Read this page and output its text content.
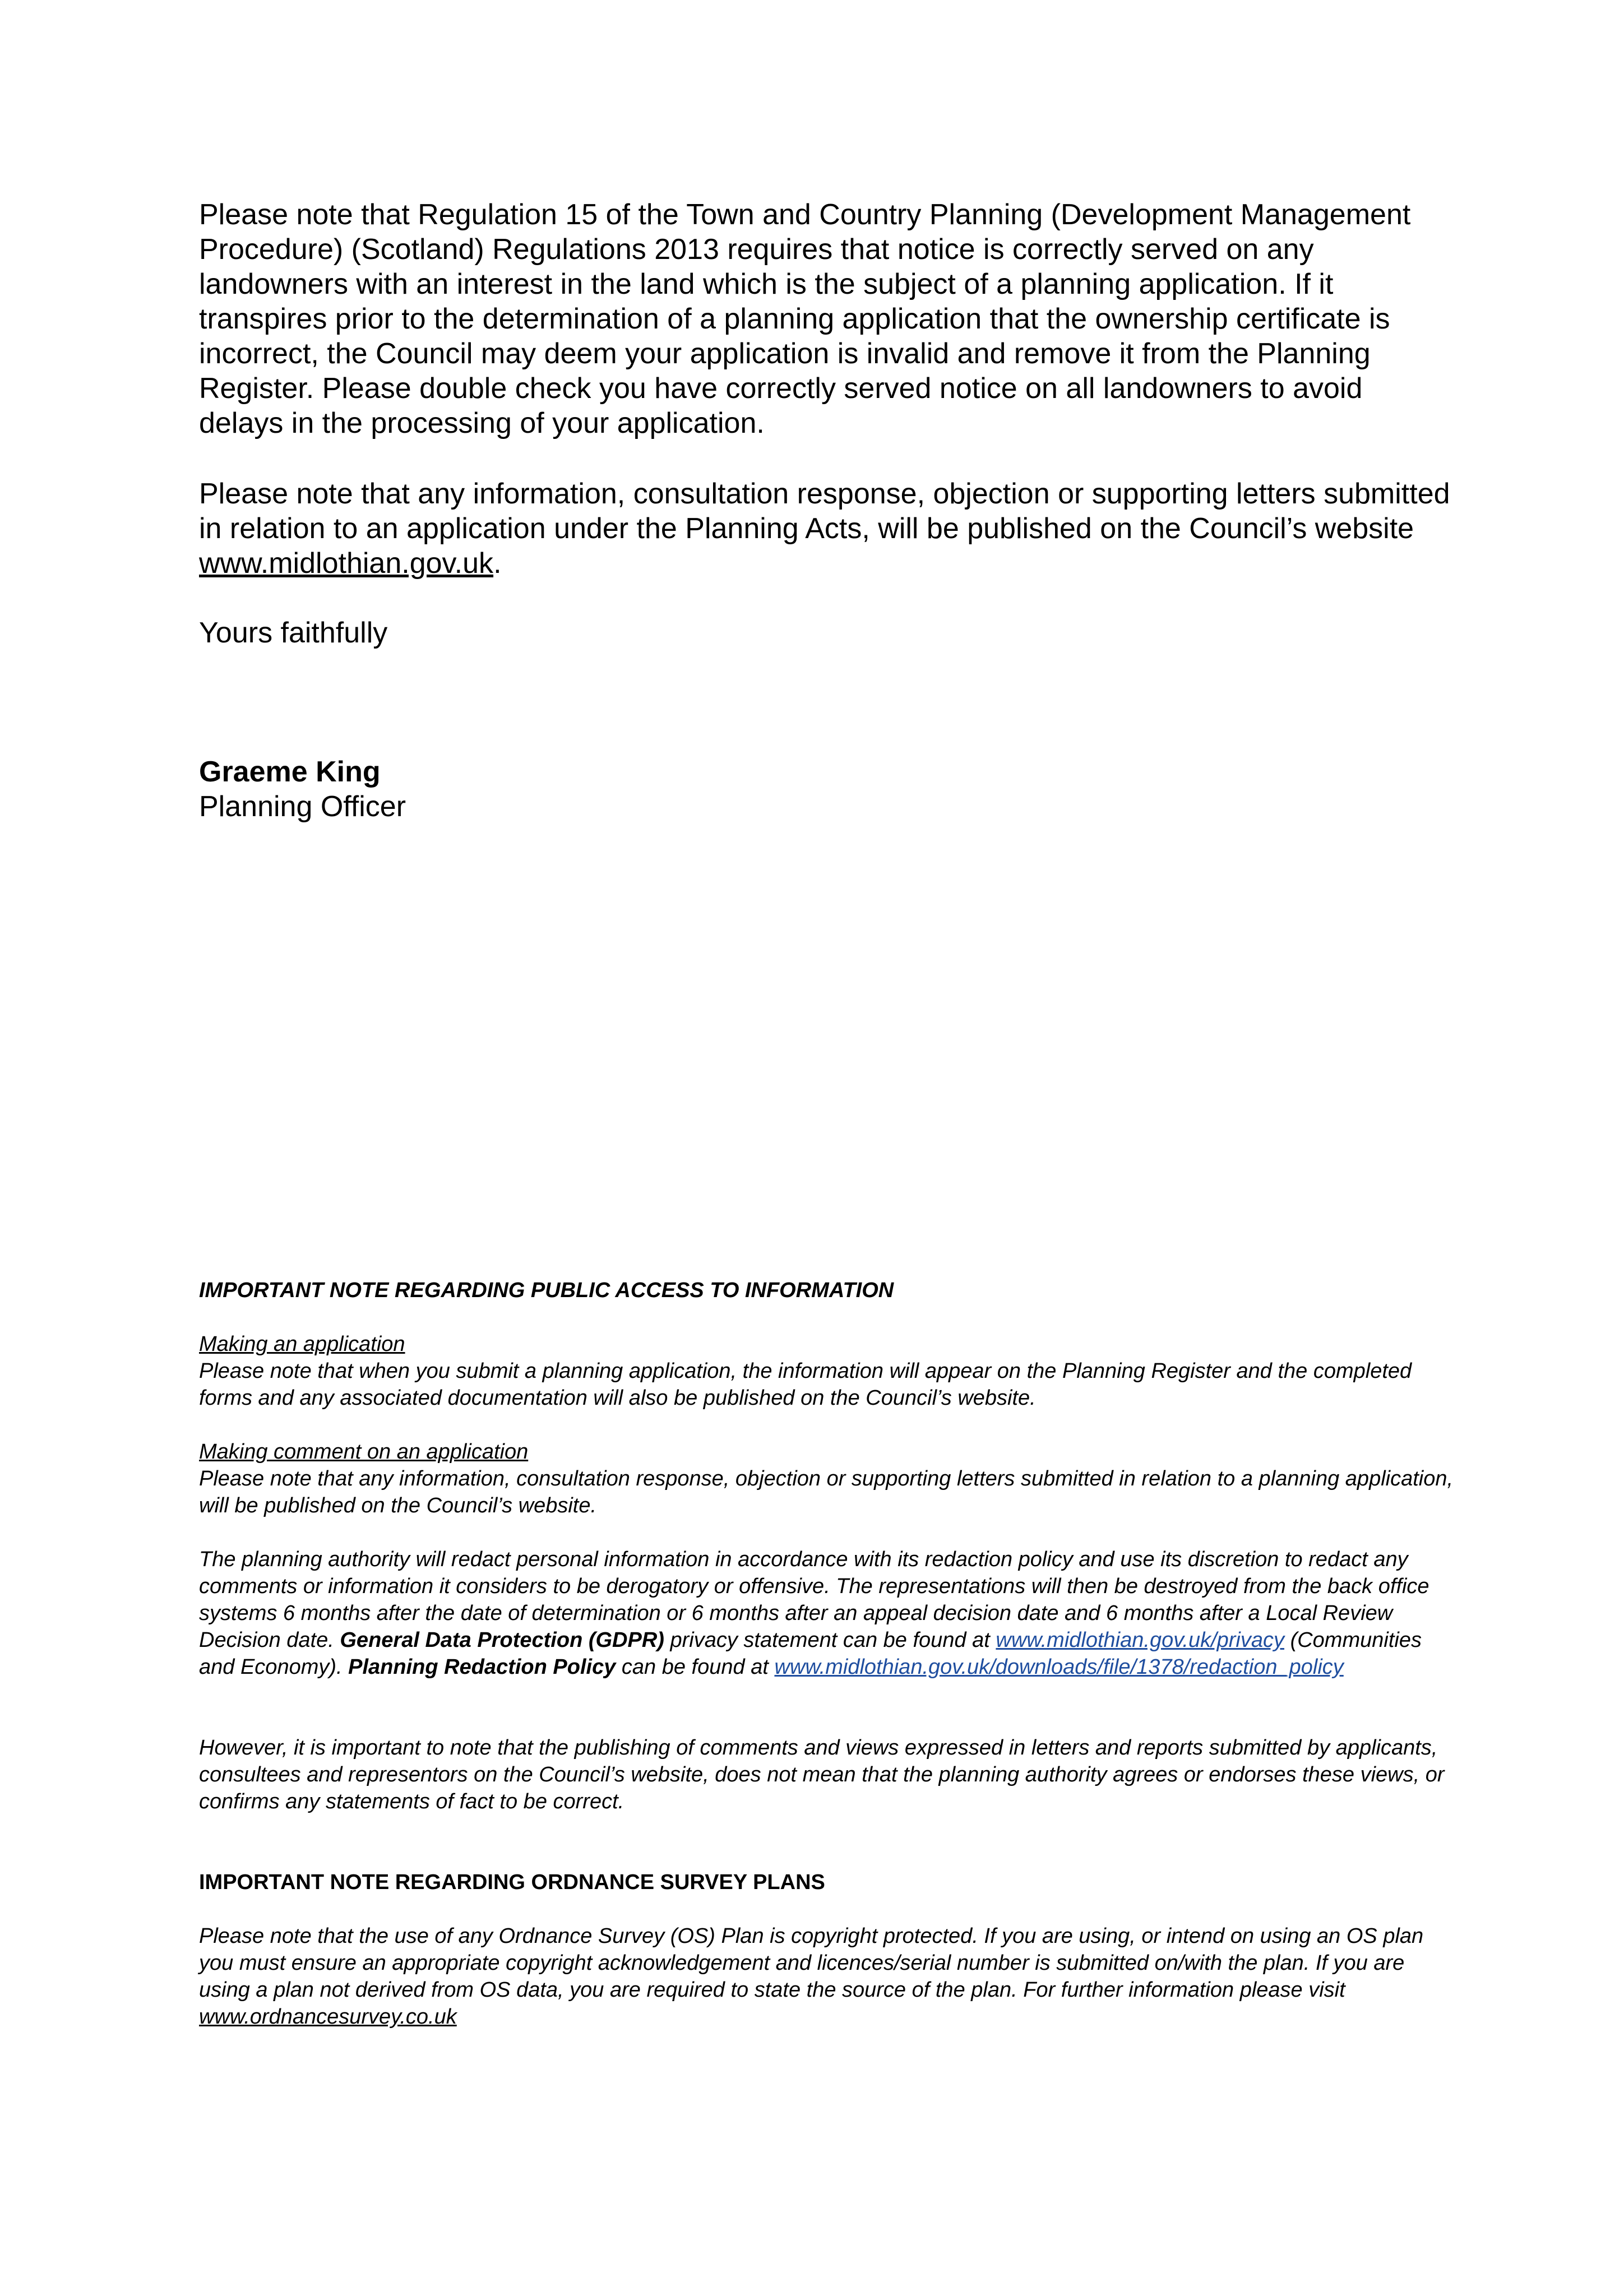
Please note that Regulation 15 of the Town and Country Planning (Development Management Procedure) (Scotland) Regulations 2013 requires that notice is correctly served on any landowners with an interest in the land which is the subject of a planning application. If it transpires prior to the determination of a planning application that the ownership certificate is incorrect, the Council may deem your application is invalid and remove it from the Planning Register. Please double check you have correctly served notice on all landowners to avoid delays in the processing of your application.

Please note that any information, consultation response, objection or supporting letters submitted in relation to an application under the Planning Acts, will be published on the Council’s website www.midlothian.gov.uk.

Yours faithfully

Graeme King

Planning Officer

IMPORTANT NOTE REGARDING PUBLIC ACCESS TO INFORMATION

Making an application
Please note that when you submit a planning application, the information will appear on the Planning Register and the completed forms and any associated documentation will also be published on the Council’s website.
Making comment on an application
Please note that any information, consultation response, objection or supporting letters submitted in relation to a planning application, will be published on the Council’s website.

The planning authority will redact personal information in accordance with its redaction policy and use its discretion to redact any comments or information it considers to be derogatory or offensive. The representations will then be destroyed from the back office systems 6 months after the date of determination or 6 months after an appeal decision date and 6 months after a Local Review Decision date. General Data Protection (GDPR) privacy statement can be found at www.midlothian.gov.uk/privacy (Communities and Economy). Planning Redaction Policy can be found at www.midlothian.gov.uk/downloads/file/1378/redaction_policy

However, it is important to note that the publishing of comments and views expressed in letters and reports submitted by applicants, consultees and representors on the Council’s website, does not mean that the planning authority agrees or endorses these views, or confirms any statements of fact to be correct.

IMPORTANT NOTE REGARDING ORDNANCE SURVEY PLANS

Please note that the use of any Ordnance Survey (OS) Plan is copyright protected. If you are using, or intend on using an OS plan you must ensure an appropriate copyright acknowledgement and licences/serial number is submitted on/with the plan. If you are using a plan not derived from OS data, you are required to state the source of the plan. For further information please visit www.ordnancesurvey.co.uk
